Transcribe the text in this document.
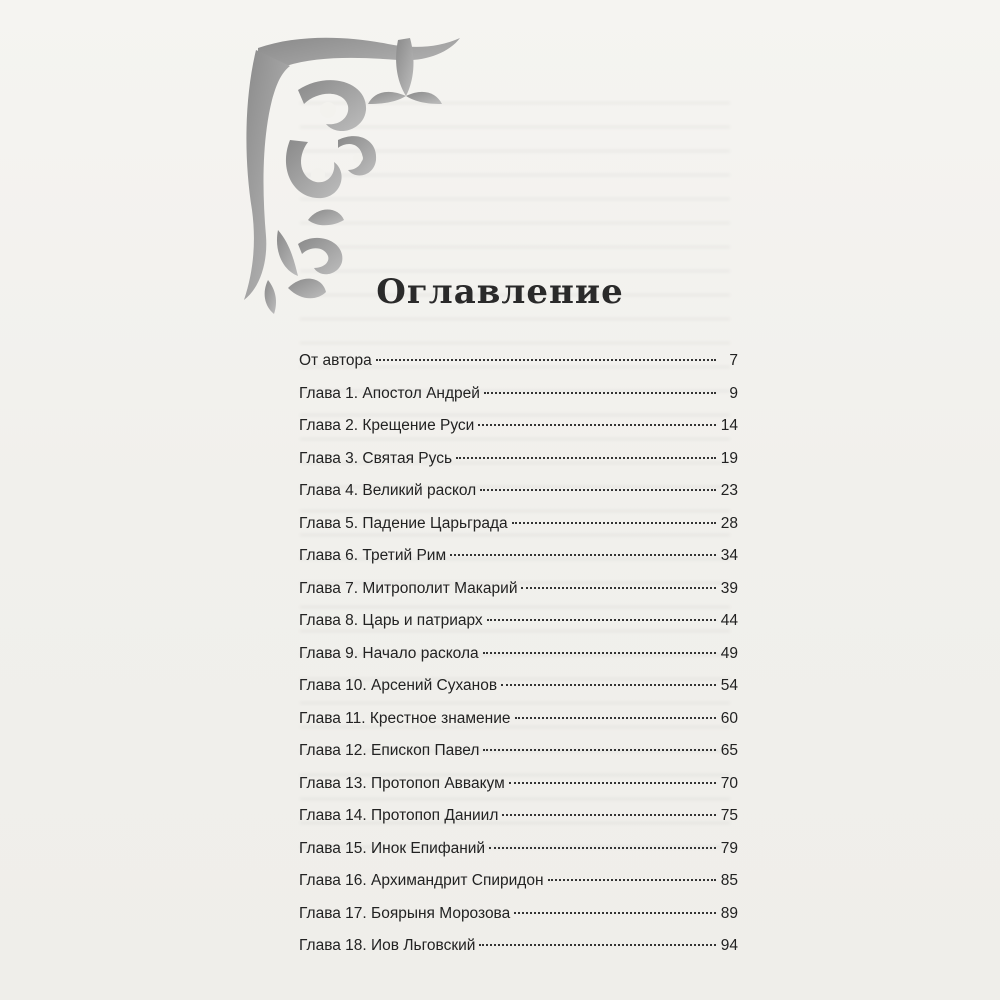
Оглавление
От автора	7
Глава 1. Апостол Андрей	9
Глава 2. Крещение Руси	14
Глава 3. Святая Русь	19
Глава 4. Великий раскол	23
Глава 5. Падение Царьграда	28
Глава 6. Третий Рим	34
Глава 7. Митрополит Макарий	39
Глава 8. Царь и патриарх	44
Глава 9. Начало раскола	49
Глава 10. Арсений Суханов	54
Глава 11. Крестное знамение	60
Глава 12. Епископ Павел	65
Глава 13. Протопоп Аввакум	70
Глава 14. Протопоп Даниил	75
Глава 15. Инок Епифаний	79
Глава 16. Архимандрит Спиридон	85
Глава 17. Боярыня Морозова	89
Глава 18. Иов Льговский	94
